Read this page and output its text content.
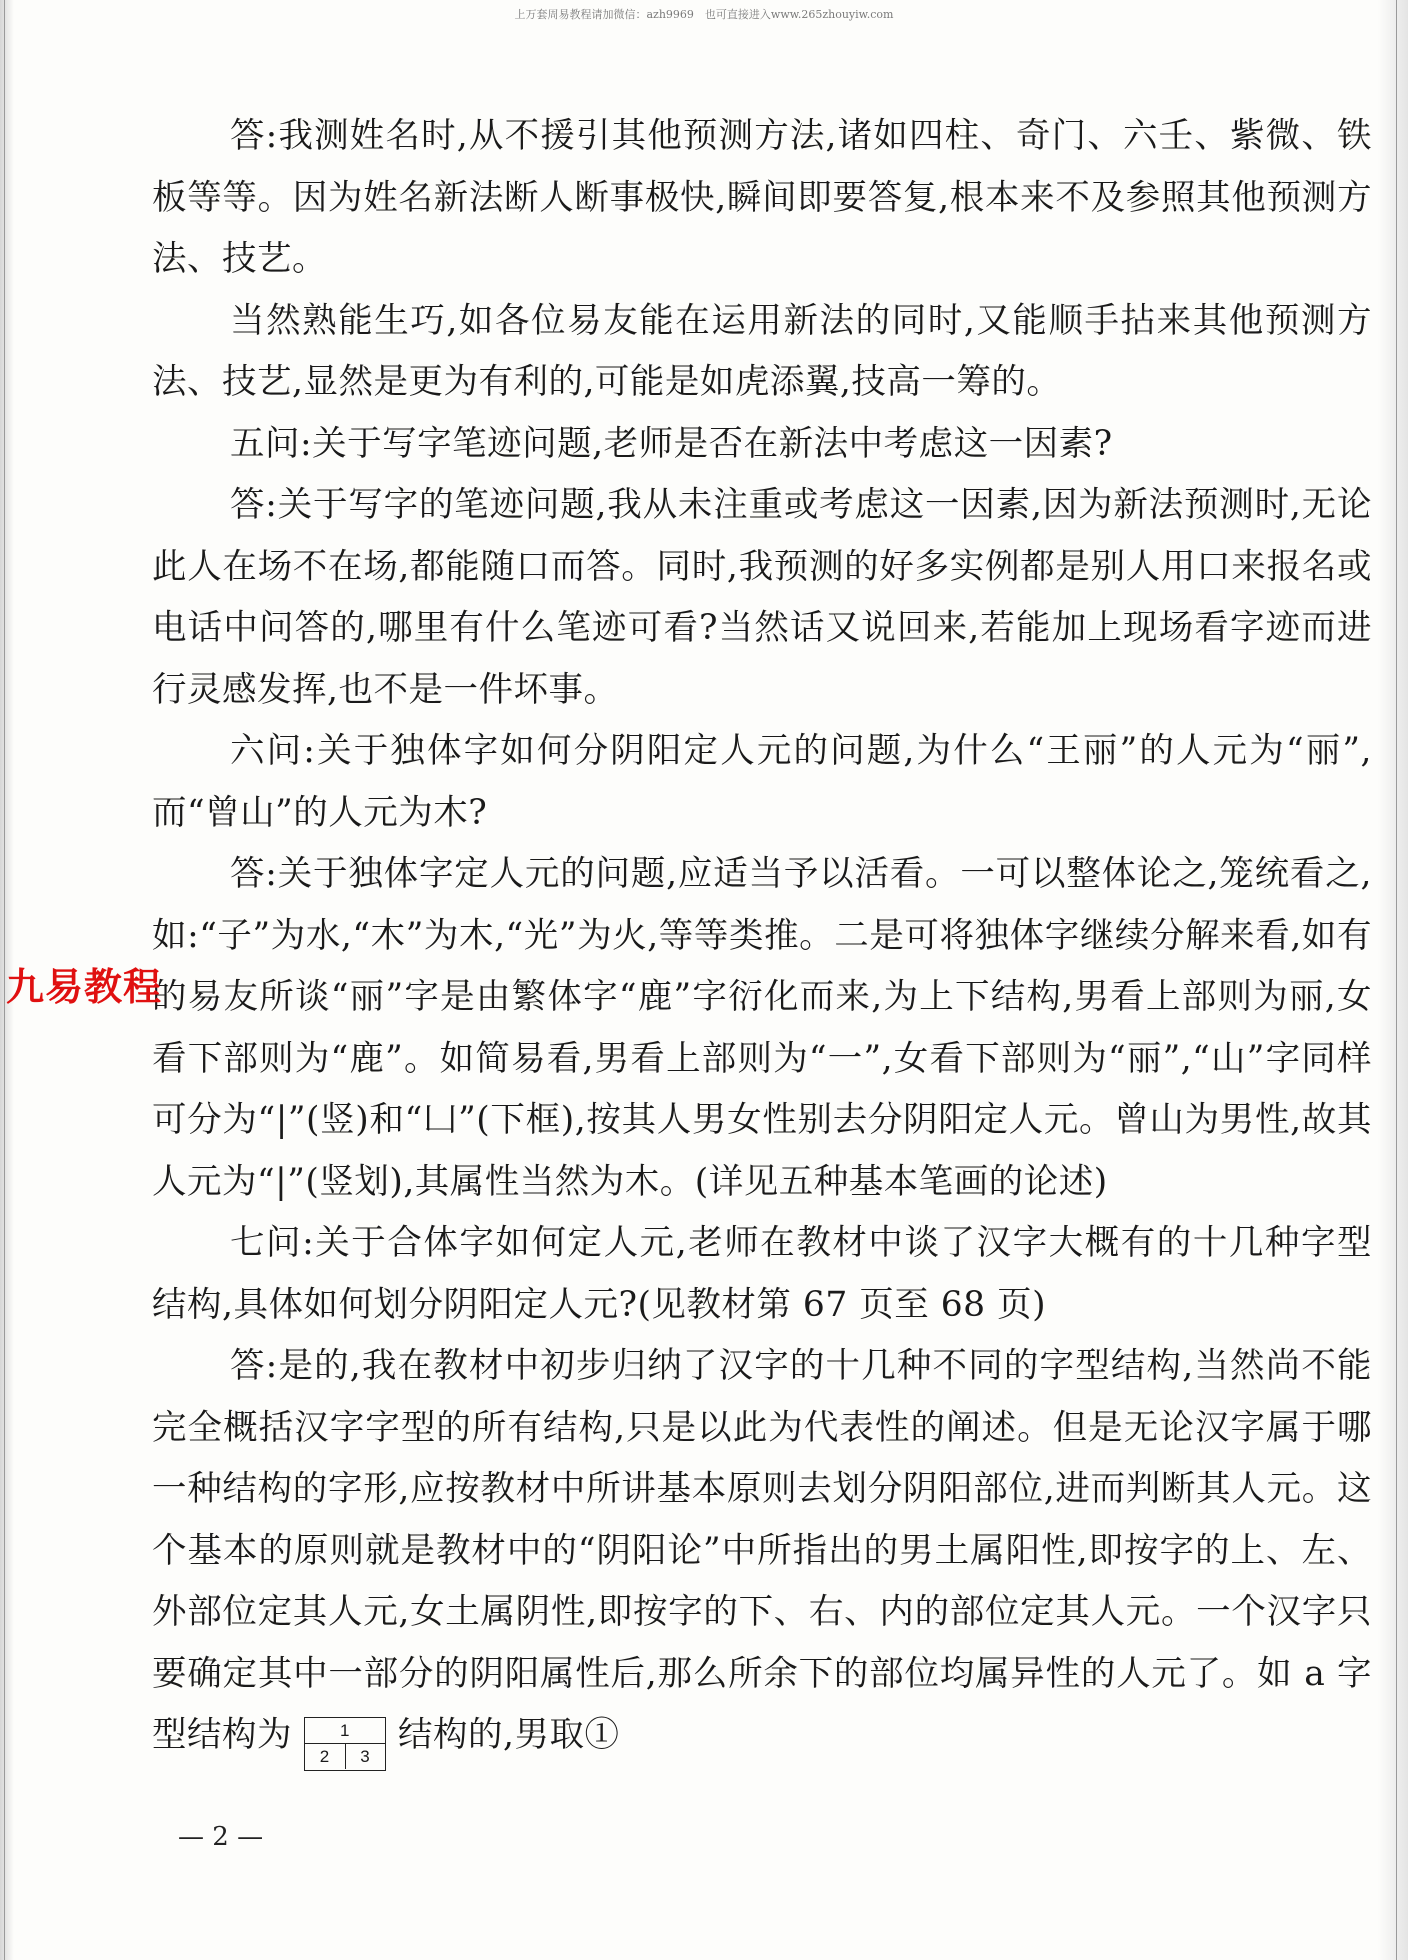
上万套周易教程请加微信：azh9969　也可直接进入www.265zhouyiw.com

答:我测姓名时,从不援引其他预测方法,诸如四柱、奇门、六壬、紫微、铁板等等。因为姓名新法断人断事极快,瞬间即要答复,根本来不及参照其他预测方法、技艺。

当然熟能生巧,如各位易友能在运用新法的同时,又能顺手拈来其他预测方法、技艺,显然是更为有利的,可能是如虎添翼,技高一筹的。

五问:关于写字笔迹问题,老师是否在新法中考虑这一因素?

答:关于写字的笔迹问题,我从未注重或考虑这一因素,因为新法预测时,无论此人在场不在场,都能随口而答。同时,我预测的好多实例都是别人用口来报名或电话中问答的,哪里有什么笔迹可看?当然话又说回来,若能加上现场看字迹而进行灵感发挥,也不是一件坏事。

六问:关于独体字如何分阴阳定人元的问题,为什么“王丽”的人元为“丽”,而“曾山”的人元为木?

答:关于独体字定人元的问题,应适当予以活看。一可以整体论之,笼统看之,如:“子”为水,“木”为木,“光”为火,等等类推。二是可将独体字继续分解来看,如有的易友所谈“丽”字是由繁体字“鹿”字衍化而来,为上下结构,男看上部则为丽,女看下部则为“鹿”。如简易看,男看上部则为“一”,女看下部则为“丽”,“山”字同样可分为“|”(竖)和“凵”(下框),按其人男女性别去分阴阳定人元。曾山为男性,故其人元为“|”(竖划),其属性当然为木。(详见五种基本笔画的论述)

七问:关于合体字如何定人元,老师在教材中谈了汉字大概有的十几种字型结构,具体如何划分阴阳定人元?(见教材第 67 页至 68 页)

答:是的,我在教材中初步归纳了汉字的十几种不同的字型结构,当然尚不能完全概括汉字字型的所有结构,只是以此为代表性的阐述。但是无论汉字属于哪一种结构的字形,应按教材中所讲基本原则去划分阴阳部位,进而判断其人元。这个基本的原则就是教材中的“阴阳论”中所指出的男土属阳性,即按字的上、左、外部位定其人元,女土属阴性,即按字的下、右、内的部位定其人元。一个汉字只要确定其中一部分的阴阳属性后,那么所余下的部位均属异性的人元了。如 a 字型结构为 1
2	3 结构的,男取①

九易教程
— 2 —
